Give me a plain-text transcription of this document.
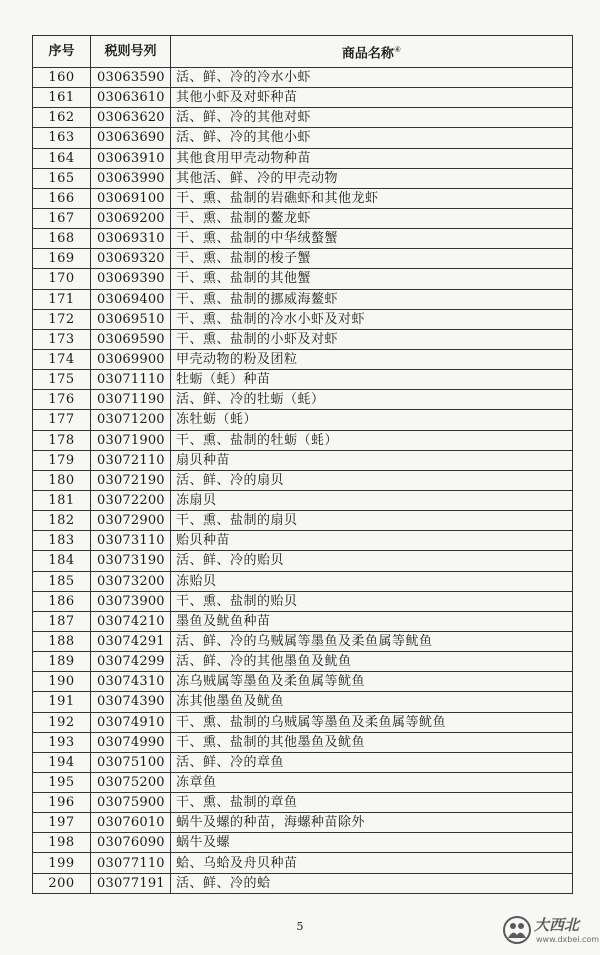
序号	税则号列	商品名称④
160	03063590	活、鲜、冷的冷水小虾
161	03063610	其他小虾及对虾种苗
162	03063620	活、鲜、冷的其他对虾
163	03063690	活、鲜、冷的其他小虾
164	03063910	其他食用甲壳动物种苗
165	03063990	其他活、鲜、冷的甲壳动物
166	03069100	干、熏、盐制的岩礁虾和其他龙虾
167	03069200	干、熏、盐制的鳌龙虾
168	03069310	干、熏、盐制的中华绒螯蟹
169	03069320	干、熏、盐制的梭子蟹
170	03069390	干、熏、盐制的其他蟹
171	03069400	干、熏、盐制的挪威海鳌虾
172	03069510	干、熏、盐制的冷水小虾及对虾
173	03069590	干、熏、盐制的小虾及对虾
174	03069900	甲壳动物的粉及团粒
175	03071110	牡蛎（蚝）种苗
176	03071190	活、鲜、冷的牡蛎（蚝）
177	03071200	冻牡蛎（蚝）
178	03071900	干、熏、盐制的牡蛎（蚝）
179	03072110	扇贝种苗
180	03072190	活、鲜、冷的扇贝
181	03072200	冻扇贝
182	03072900	干、熏、盐制的扇贝
183	03073110	贻贝种苗
184	03073190	活、鲜、冷的贻贝
185	03073200	冻贻贝
186	03073900	干、熏、盐制的贻贝
187	03074210	墨鱼及鱿鱼种苗
188	03074291	活、鲜、冷的乌贼属等墨鱼及柔鱼属等鱿鱼
189	03074299	活、鲜、冷的其他墨鱼及鱿鱼
190	03074310	冻乌贼属等墨鱼及柔鱼属等鱿鱼
191	03074390	冻其他墨鱼及鱿鱼
192	03074910	干、熏、盐制的乌贼属等墨鱼及柔鱼属等鱿鱼
193	03074990	干、熏、盐制的其他墨鱼及鱿鱼
194	03075100	活、鲜、冷的章鱼
195	03075200	冻章鱼
196	03075900	干、熏、盐制的章鱼
197	03076010	蜗牛及螺的种苗，海螺种苗除外
198	03076090	蜗牛及螺
199	03077110	蛤、乌蛤及舟贝种苗
200	03077191	活、鲜、冷的蛤
5	大西北
www.dxbei.com
